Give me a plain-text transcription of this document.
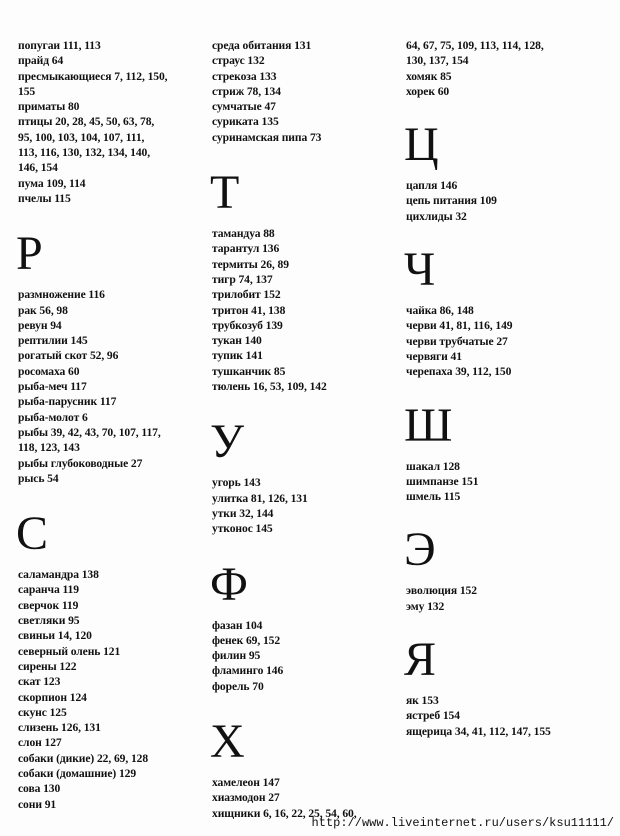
попугаи 111, 113
прайд 64
пресмыкающиеся 7, 112, 150,
155
приматы 80
птицы 20, 28, 45, 50, 63, 78,
95, 100, 103, 104, 107, 111,
113, 116, 130, 132, 134, 140,
146, 154
пума 109, 114
пчелы 115
Р
размножение 116
рак 56, 98
ревун 94
рептилии 145
рогатый скот 52, 96
росомаха 60
рыба-меч 117
рыба-парусник 117
рыба-молот 6
рыбы 39, 42, 43, 70, 107, 117,
118, 123, 143
рыбы глубоководные 27
рысь 54
С
саламандра 138
саранча 119
сверчок 119
светляки 95
свиньи 14, 120
северный олень 121
сирены 122
скат 123
скорпион 124
скунс 125
слизень 126, 131
слон 127
собаки (дикие) 22, 69, 128
собаки (домашние) 129
сова 130
сони 91
среда обитания 131
страус 132
стрекоза 133
стриж 78, 134
сумчатые 47
суриката 135
суринамская пипа 73
Т
тамандуа 88
тарантул 136
термиты 26, 89
тигр 74, 137
трилобит 152
тритон 41, 138
трубкозуб 139
тукан 140
тупик 141
тушканчик 85
тюлень 16, 53, 109, 142
У
угорь 143
улитка 81, 126, 131
утки 32, 144
утконос 145
Ф
фазан 104
фенек 69, 152
филин 95
фламинго 146
форель 70
Х
хамелеон 147
хиазмодон 27
хищники 6, 16, 22, 25, 54, 60,
64, 67, 75, 109, 113, 114, 128,
130, 137, 154
хомяк 85
хорек 60
Ц
цапля 146
цепь питания 109
цихлиды 32
Ч
чайка 86, 148
черви 41, 81, 116, 149
черви трубчатые 27
червяги 41
черепаха 39, 112, 150
Ш
шакал 128
шимпанзе 151
шмель 115
Э
эволюция 152
эму 132
Я
як 153
ястреб 154
ящерица 34, 41, 112, 147, 155
http://www.liveinternet.ru/users/ksu11111/
